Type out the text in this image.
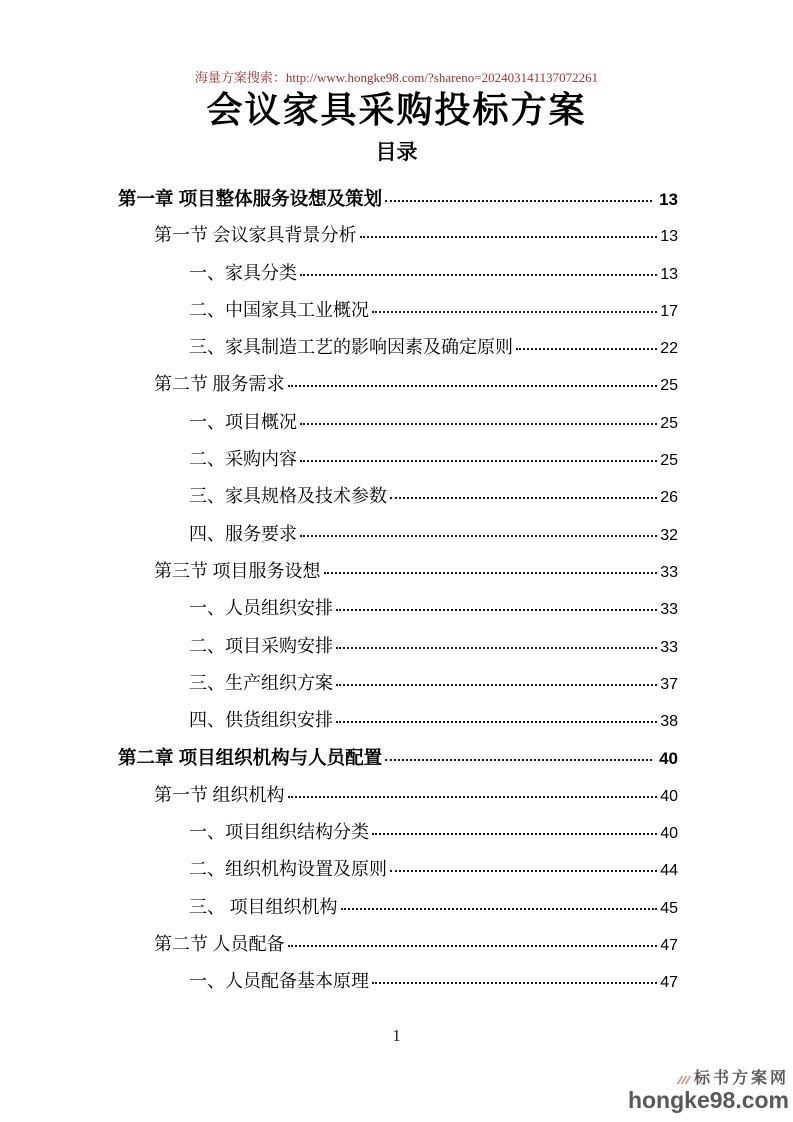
海量方案搜索：http://www.hongke98.com/?shareno=202403141137072261
会议家具采购投标方案
目录
第一章 项目整体服务设想及策划	13
第一节 会议家具背景分析	13
一、家具分类	13
二、中国家具工业概况	17
三、家具制造工艺的影响因素及确定原则	22
第二节 服务需求	25
一、项目概况	25
二、采购内容	25
三、家具规格及技术参数	26
四、服务要求	32
第三节 项目服务设想	33
一、人员组织安排	33
二、项目采购安排	33
三、生产组织方案	37
四、供货组织安排	38
第二章 项目组织机构与人员配置	40
第一节 组织机构	40
一、项目组织结构分类	40
二、组织机构设置及原则	44
三、 项目组织机构	45
第二节 人员配备	47
一、人员配备基本原理	47
1
标书方案网
hongke98.com
